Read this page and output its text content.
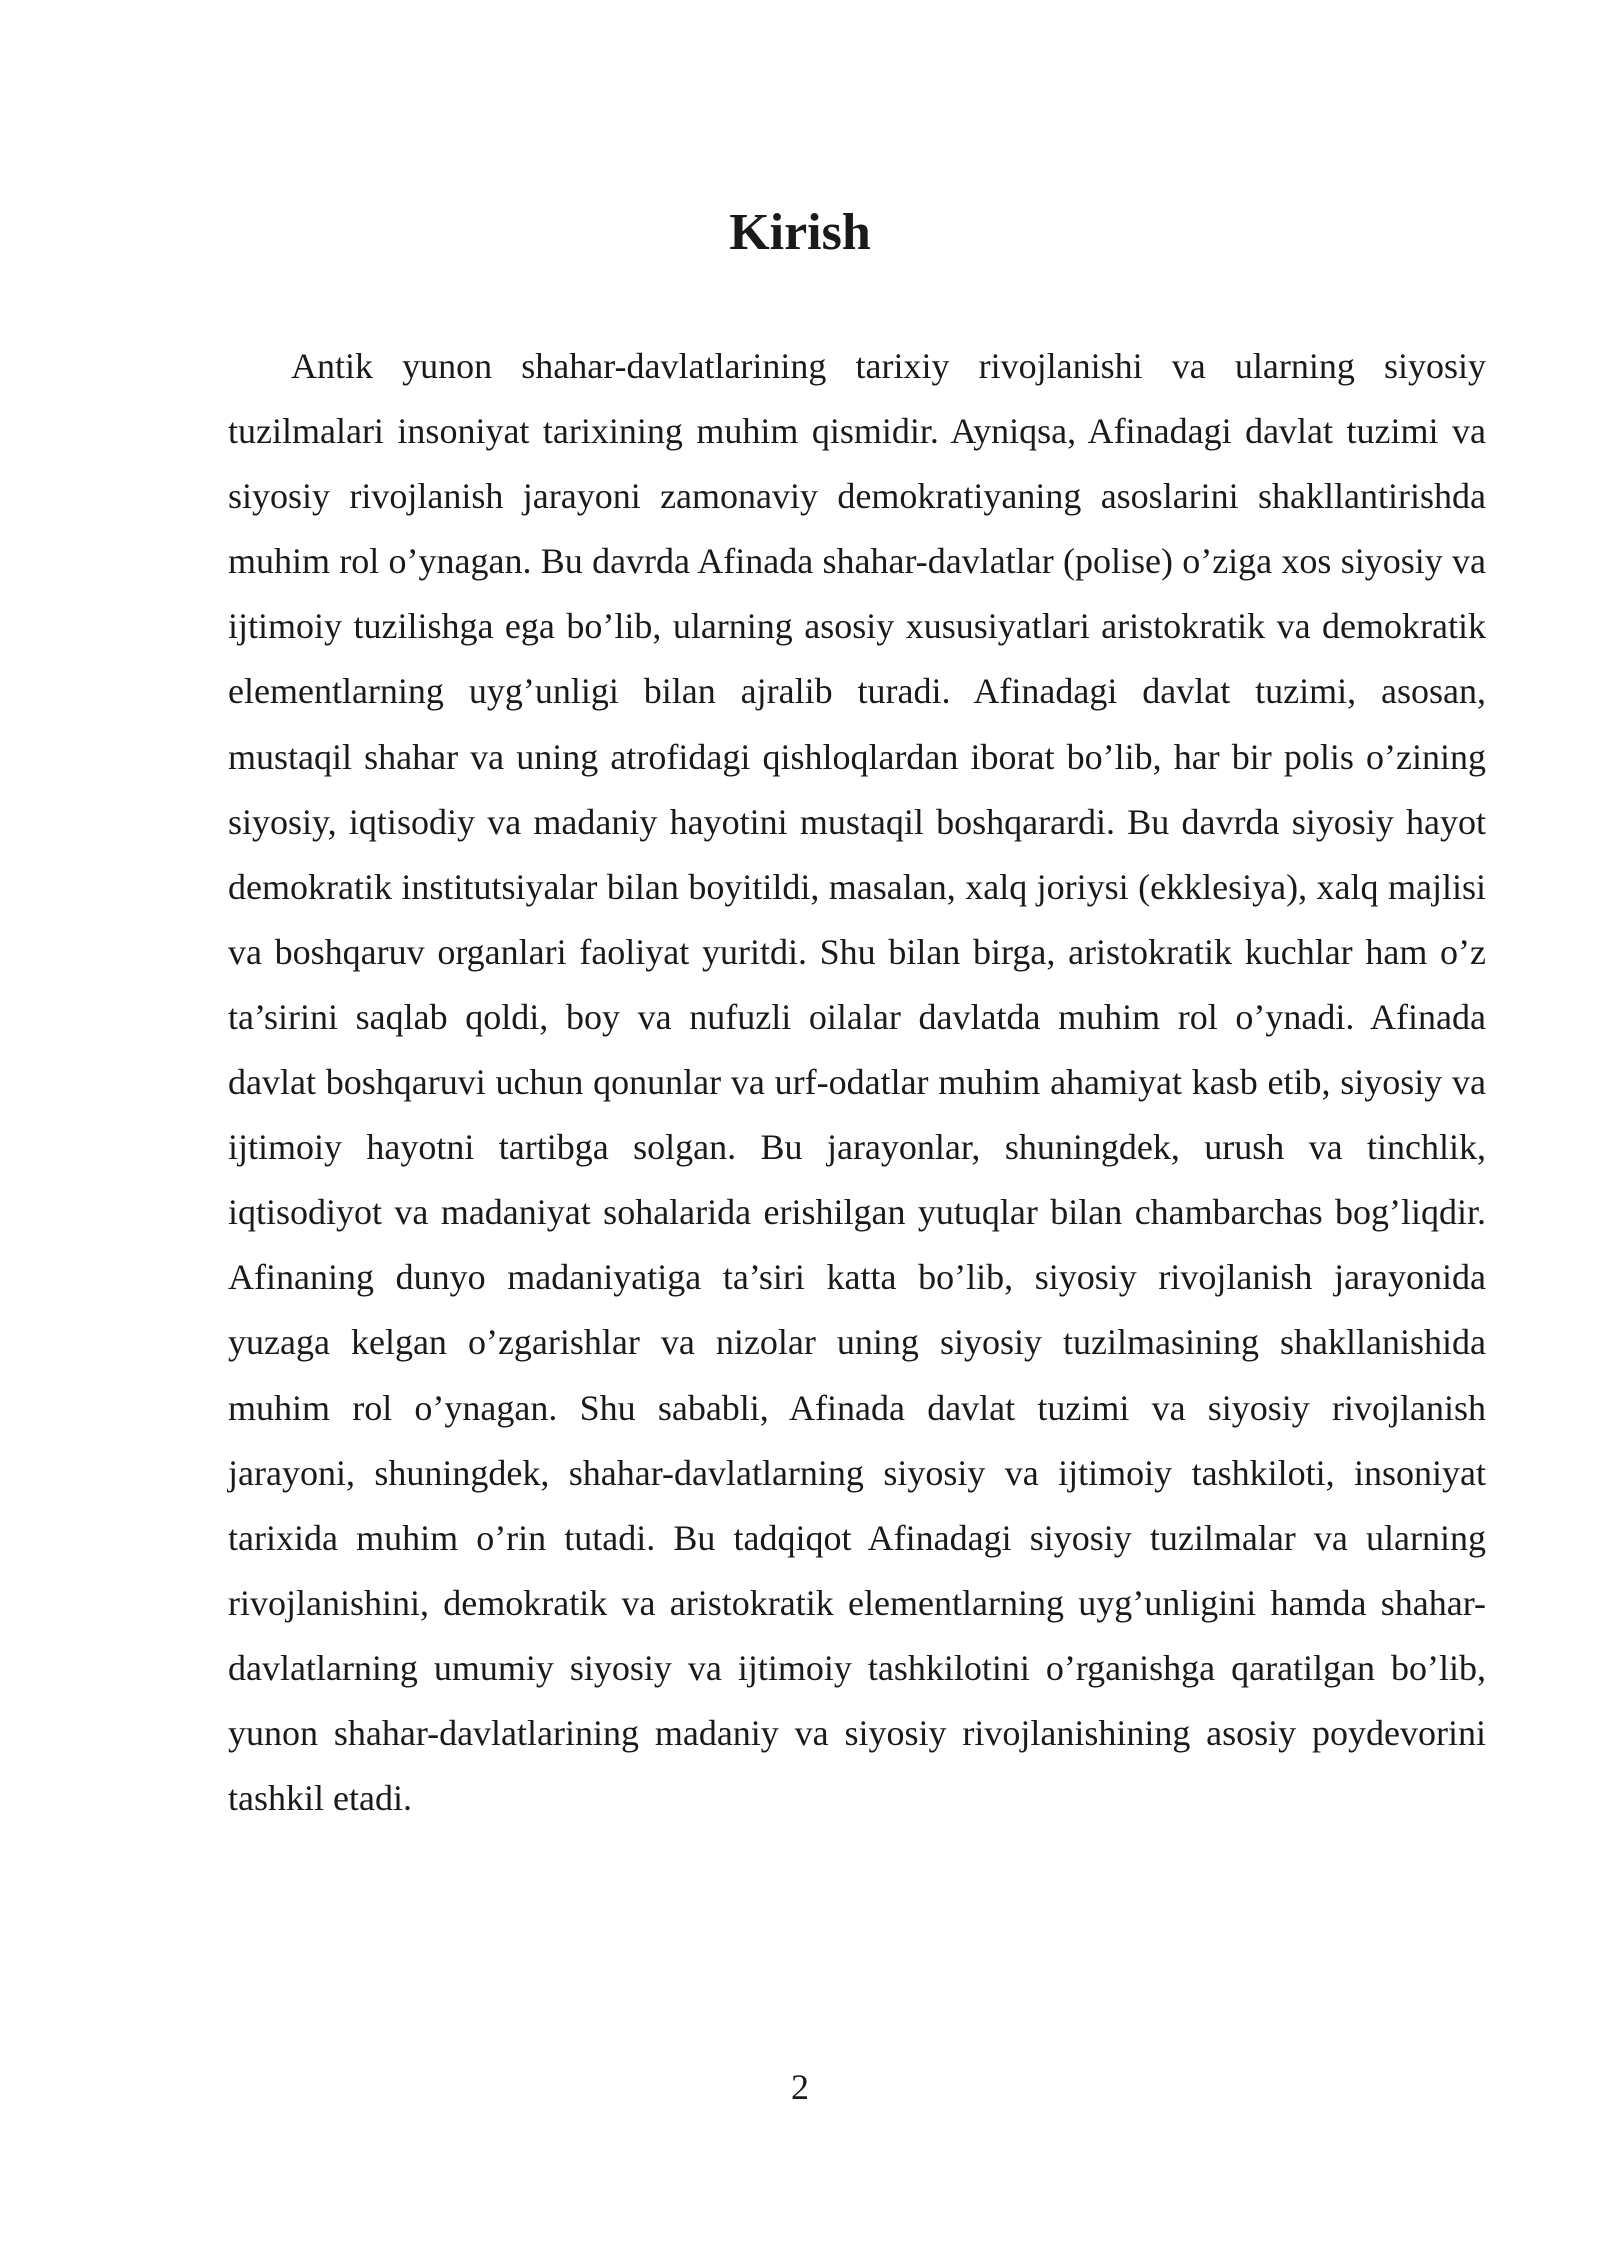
Kirish

Antik yunon shahar-davlatlarining tarixiy rivojlanishi va ularning siyosiy tuzilmalari insoniyat tarixining muhim qismidir. Ayniqsa, Afinadagi davlat tuzimi va siyosiy rivojlanish jarayoni zamonaviy demokratiyaning asoslarini shakllantirishda muhim rol o’ynagan. Bu davrda Afinada shahar-davlatlar (polise) o’ziga xos siyosiy va ijtimoiy tuzilishga ega bo’lib, ularning asosiy xususiyatlari aristokratik va demokratik elementlarning uyg’unligi bilan ajralib turadi. Afinadagi davlat tuzimi, asosan, mustaqil shahar va uning atrofidagi qishloqlardan iborat bo’lib, har bir polis o’zining siyosiy, iqtisodiy va madaniy hayotini mustaqil boshqarardi. Bu davrda siyosiy hayot demokratik institutsiyalar bilan boyitildi, masalan, xalq joriysi (ekklesiya), xalq majlisi va boshqaruv organlari faoliyat yuritdi. Shu bilan birga, aristokratik kuchlar ham o’z ta’sirini saqlab qoldi, boy va nufuzli oilalar davlatda muhim rol o’ynadi. Afinada davlat boshqaruvi uchun qonunlar va urf-odatlar muhim ahamiyat kasb etib, siyosiy va ijtimoiy hayotni tartibga solgan. Bu jarayonlar, shuningdek, urush va tinchlik, iqtisodiyot va madaniyat sohalarida erishilgan yutuqlar bilan chambarchas bog’liqdir. Afinaning dunyo madaniyatiga ta’siri katta bo’lib, siyosiy rivojlanish jarayonida yuzaga kelgan o’zgarishlar va nizolar uning siyosiy tuzilmasining shakllanishida muhim rol o’ynagan. Shu sababli, Afinada davlat tuzimi va siyosiy rivojlanish jarayoni, shuningdek, shahar-davlatlarning siyosiy va ijtimoiy tashkiloti, insoniyat tarixida muhim o’rin tutadi. Bu tadqiqot Afinadagi siyosiy tuzilmalar va ularning rivojlanishini, demokratik va aristokratik elementlarning uyg’unligini hamda shahar-davlatlarning umumiy siyosiy va ijtimoiy tashkilotini o’rganishga qaratilgan bo’lib, yunon shahar-davlatlarining madaniy va siyosiy rivojlanishining asosiy poydevorini tashkil etadi.

2
